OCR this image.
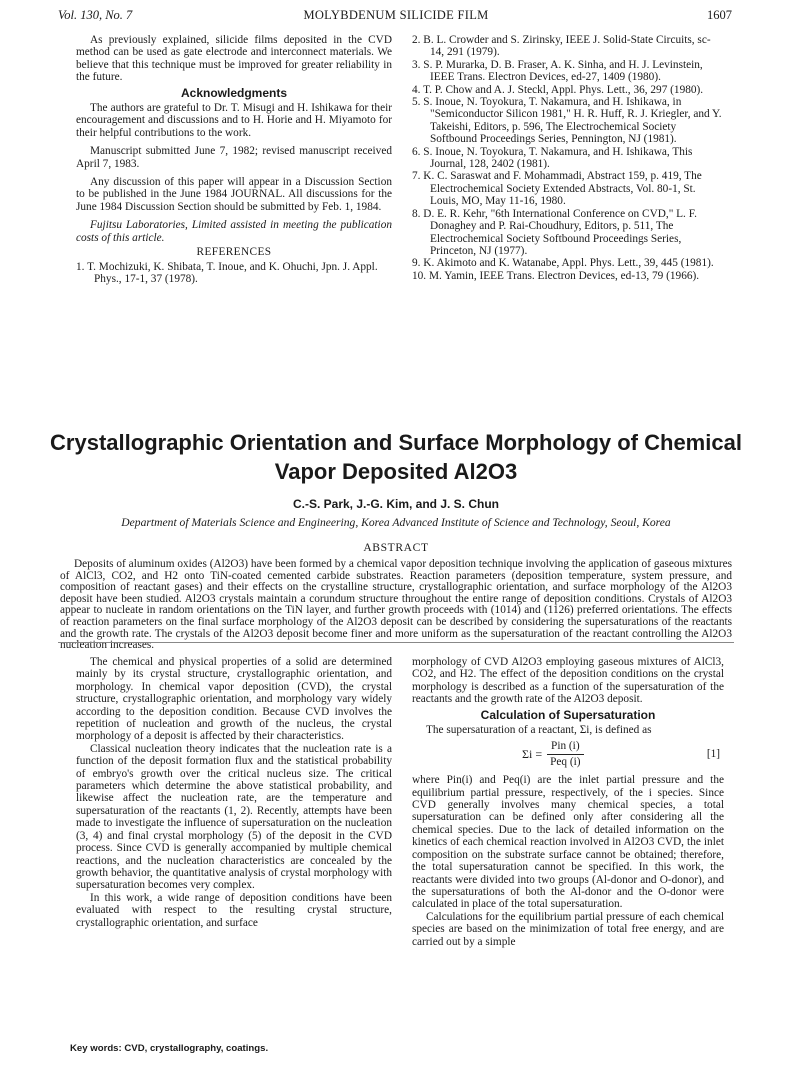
Vol. 130, No. 7	MOLYBDENUM SILICIDE FILM	1607

As previously explained, silicide films deposited in the CVD method can be used as gate electrode and interconnect materials. We believe that this technique must be improved for greater reliability in the future.

Acknowledgments

The authors are grateful to Dr. T. Misugi and H. Ishikawa for their encouragement and discussions and to H. Horie and H. Miyamoto for their helpful contributions to the work.

Manuscript submitted June 7, 1982; revised manuscript received April 7, 1983.

Any discussion of this paper will appear in a Discussion Section to be published in the June 1984 JOURNAL. All discussions for the June 1984 Discussion Section should be submitted by Feb. 1, 1984.

Fujitsu Laboratories, Limited assisted in meeting the publication costs of this article.

REFERENCES
1. T. Mochizuki, K. Shibata, T. Inoue, and K. Ohuchi, Jpn. J. Appl. Phys., 17-1, 37 (1978).
2. B. L. Crowder and S. Zirinsky, IEEE J. Solid-State Circuits, sc-14, 291 (1979).
3. S. P. Murarka, D. B. Fraser, A. K. Sinha, and H. J. Levinstein, IEEE Trans. Electron Devices, ed-27, 1409 (1980).
4. T. P. Chow and A. J. Steckl, Appl. Phys. Lett., 36, 297 (1980).
5. S. Inoue, N. Toyokura, T. Nakamura, and H. Ishikawa, in "Semiconductor Silicon 1981," H. R. Huff, R. J. Kriegler, and Y. Takeishi, Editors, p. 596, The Electrochemical Society Softbound Proceedings Series, Pennington, NJ (1981).
6. S. Inoue, N. Toyokura, T. Nakamura, and H. Ishikawa, This Journal, 128, 2402 (1981).
7. K. C. Saraswat and F. Mohammadi, Abstract 159, p. 419, The Electrochemical Society Extended Abstracts, Vol. 80-1, St. Louis, MO, May 11-16, 1980.
8. D. E. R. Kehr, "6th International Conference on CVD," L. F. Donaghey and P. Rai-Choudhury, Editors, p. 511, The Electrochemical Society Softbound Proceedings Series, Princeton, NJ (1977).
9. K. Akimoto and K. Watanabe, Appl. Phys. Lett., 39, 445 (1981).
10. M. Yamin, IEEE Trans. Electron Devices, ed-13, 79 (1966).
Crystallographic Orientation and Surface Morphology of Chemical Vapor Deposited Al2O3
C.-S. Park, J.-G. Kim, and J. S. Chun
Department of Materials Science and Engineering, Korea Advanced Institute of Science and Technology, Seoul, Korea
ABSTRACT

Deposits of aluminum oxides (Al2O3) have been formed by a chemical vapor deposition technique involving the application of gaseous mixtures of AlCl3, CO2, and H2 onto TiN-coated cemented carbide substrates. Reaction parameters (deposition temperature, system pressure, and composition of reactant gases) and their effects on the crystalline structure, crystallographic orientation, and surface morphology of the Al2O3 deposit have been studied. Al2O3 crystals maintain a corundum structure throughout the entire range of deposition conditions. Crystals of Al2O3 appear to nucleate in random orientations on the TiN layer, and further growth proceeds with (1014) and (1126) preferred orientations. The effects of reaction parameters on the final surface morphology of the Al2O3 deposit can be described by considering the supersaturations of the reactants and the growth rate. The crystals of the Al2O3 deposit become finer and more uniform as the supersaturation of the reactant controlling the Al2O3 nucleation increases.

The chemical and physical properties of a solid are determined mainly by its crystal structure, crystallographic orientation, and morphology. In chemical vapor deposition (CVD), the crystal structure, crystallographic orientation, and morphology vary widely according to the deposition condition. Because CVD involves the repetition of nucleation and growth of the nucleus, the crystal morphology of a deposit is affected by their characteristics.

Classical nucleation theory indicates that the nucleation rate is a function of the deposit formation flux and the statistical probability of embryo's growth over the critical nucleus size. The critical parameters which determine the above statistical probability, and likewise affect the nucleation rate, are the temperature and supersaturation of the reactants (1, 2). Recently, attempts have been made to investigate the influence of supersaturation on the nucleation (3, 4) and final crystal morphology (5) of the deposit in the CVD process. Since CVD is generally accompanied by multiple chemical reactions, and the nucleation characteristics are concealed by the growth behavior, the quantitative analysis of crystal morphology with supersaturation becomes very complex.

In this work, a wide range of deposition conditions have been evaluated with respect to the resulting crystal structure, crystallographic orientation, and surface

morphology of CVD Al2O3 employing gaseous mixtures of AlCl3, CO2, and H2. The effect of the deposition conditions on the crystal morphology is described as a function of the supersaturation of the reactants and the growth rate of the Al2O3 deposit.

Calculation of Supersaturation

The supersaturation of a reactant, Σi, is defined as

$\Sigma i = \frac{\text{Pin (i)}}{\text{Peq (i)}}$	[1]

where Pin(i) and Peq(i) are the inlet partial pressure and the equilibrium partial pressure, respectively, of the i species. Since CVD generally involves many chemical species, a total supersaturation can be defined only after considering all the chemical species. Due to the lack of detailed information on the kinetics of each chemical reaction involved in Al2O3 CVD, the inlet composition on the substrate surface cannot be obtained; therefore, the total supersaturation cannot be specified. In this work, the reactants were divided into two groups (Al-donor and O-donor), and the supersaturations of both the Al-donor and the O-donor were calculated in place of the total supersaturation.

Calculations for the equilibrium partial pressure of each chemical species are based on the minimization of total free energy, and are carried out by a simple

Key words: CVD, crystallography, coatings.
